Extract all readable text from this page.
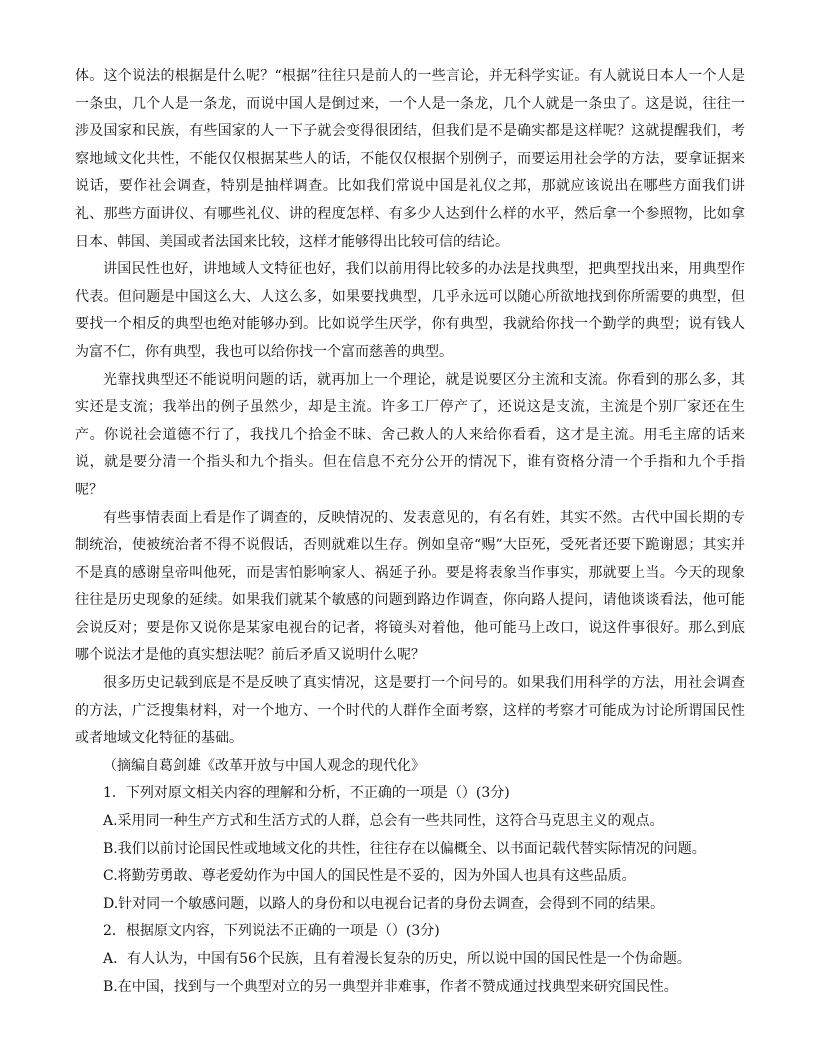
体。这个说法的根据是什么呢？“根据”往往只是前人的一些言论，并无科学实证。有人就说日本人一个人是一条虫，几个人是一条龙，而说中国人是倒过来，一个人是一条龙，几个人就是一条虫了。这是说，往往一涉及国家和民族，有些国家的人一下子就会变得很团结，但我们是不是确实都是这样呢？这就提醒我们，考察地域文化共性，不能仅仅根据某些人的话，不能仅仅根据个别例子，而要运用社会学的方法，要拿证据来说话，要作社会调查，特别是抽样调查。比如我们常说中国是礼仪之邦，那就应该说出在哪些方面我们讲礼、那些方面讲仪、有哪些礼仪、讲的程度怎样、有多少人达到什么样的水平，然后拿一个参照物，比如拿日本、韩国、美国或者法国来比较，这样才能够得出比较可信的结论。

讲国民性也好，讲地域人文特征也好，我们以前用得比较多的办法是找典型，把典型找出来，用典型作代表。但问题是中国这么大、人这么多，如果要找典型，几乎永远可以随心所欲地找到你所需要的典型，但要找一个相反的典型也绝对能够办到。比如说学生厌学，你有典型，我就给你找一个勤学的典型；说有钱人为富不仁，你有典型，我也可以给你找一个富而慈善的典型。

光靠找典型还不能说明问题的话，就再加上一个理论，就是说要区分主流和支流。你看到的那么多，其实还是支流；我举出的例子虽然少，却是主流。许多工厂停产了，还说这是支流，主流是个别厂家还在生产。你说社会道德不行了，我找几个拾金不昧、舍己救人的人来给你看看，这才是主流。用毛主席的话来说，就是要分清一个指头和九个指头。但在信息不充分公开的情况下，谁有资格分清一个手指和九个手指呢？

有些事情表面上看是作了调查的，反映情况的、发表意见的，有名有姓，其实不然。古代中国长期的专制统治，使被统治者不得不说假话，否则就难以生存。例如皇帝“赐”大臣死，受死者还要下跪谢恩；其实并不是真的感谢皇帝叫他死，而是害怕影响家人、祸延子孙。要是将表象当作事实，那就要上当。今天的现象往往是历史现象的延续。如果我们就某个敏感的问题到路边作调查，你向路人提问，请他谈谈看法，他可能会说反对；要是你又说你是某家电视台的记者，将镜头对着他，他可能马上改口，说这件事很好。那么到底哪个说法才是他的真实想法呢？前后矛盾又说明什么呢？

很多历史记载到底是不是反映了真实情况，这是要打一个问号的。如果我们用科学的方法，用社会调查的方法，广泛搜集材料，对一个地方、一个时代的人群作全面考察，这样的考察才可能成为讨论所谓国民性或者地域文化特征的基础。

（摘编自葛剑雄《改革开放与中国人观念的现代化》

1．下列对原文相关内容的理解和分析，不正确的一项是（）(3分)

A.采用同一种生产方式和生活方式的人群，总会有一些共同性，这符合马克思主义的观点。

B.我们以前讨论国民性或地域文化的共性，往往存在以偏概全、以书面记载代替实际情况的问题。

C.将勤劳勇敢、尊老爱幼作为中国人的国民性是不妥的，因为外国人也具有这些品质。

D.针对同一个敏感问题，以路人的身份和以电视台记者的身份去调查，会得到不同的结果。

2．根据原文内容，下列说法不正确的一项是（）(3分)

A．有人认为，中国有56个民族，且有着漫长复杂的历史，所以说中国的国民性是一个伪命题。

B.在中国，找到与一个典型对立的另一典型并非难事，作者不赞成通过找典型来研究国民性。
